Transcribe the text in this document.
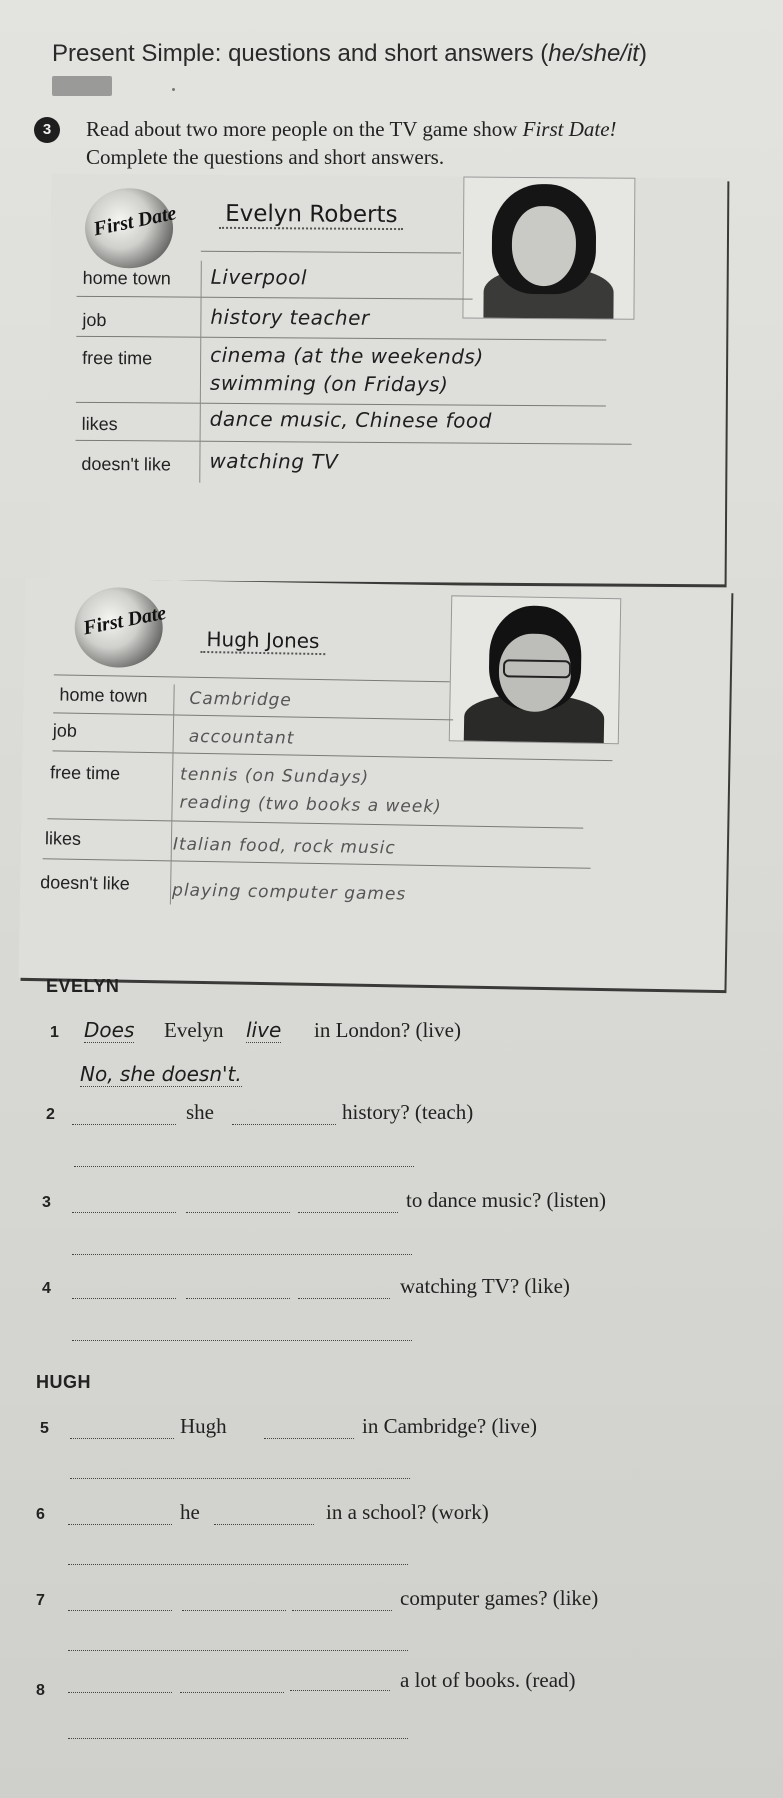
Present Simple: questions and short answers (he/she/it)
3	Read about two more people on the TV game show First Date!
Complete the questions and short answers.
First Date Evelyn Roberts
home town Liverpool
job	history teacher
free time	cinema (at the weekends)
swimming (on Fridays)
likes	dance music, Chinese food
doesn't like watching TV
First Date
Hugh Jones
home town Cambridge
job	accountant
free time	tennis (on Sundays)
reading (two books a week)
likes	Italian food, rock music
doesn't like playing computer games
EVELYN
1 Does Evelyn live in London? (live)
No, she doesn't.
2	she	history? (teach)
3	to dance music? (listen)
4	watching TV? (like)
HUGH
5	Hugh	in Cambridge? (live)
6	he	in a school? (work)
7	computer games? (like)
8	a lot of books. (read)
